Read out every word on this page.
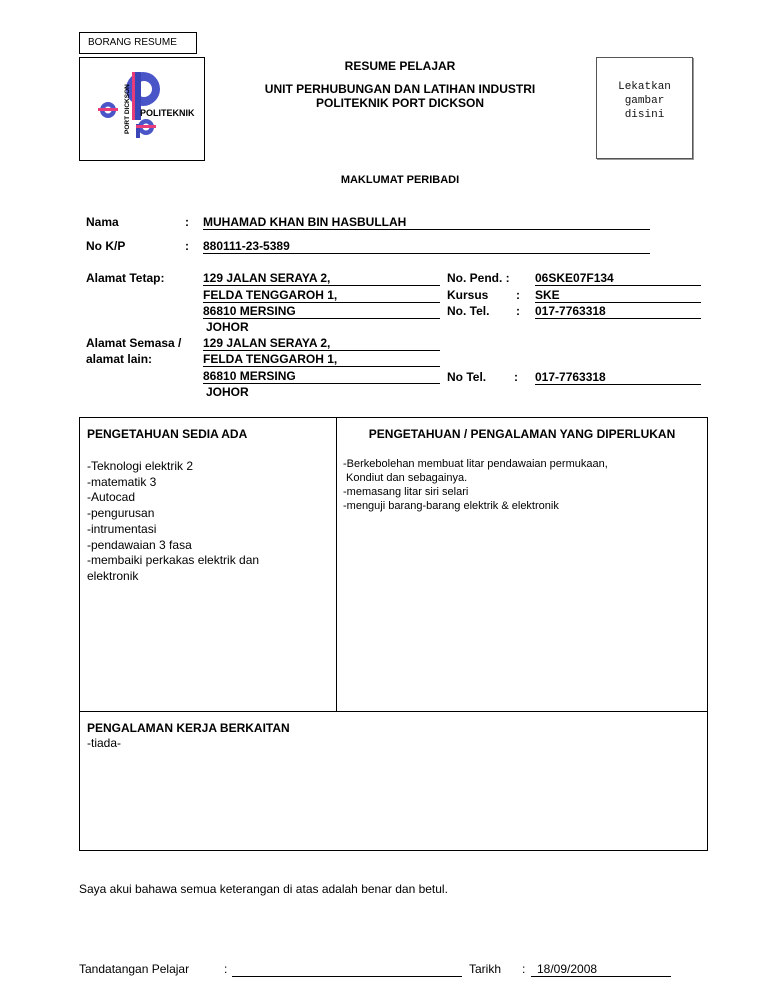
BORANG RESUME
PORT DICKSON POLITEKNIK
Lekatkan
gambar
disini
RESUME PELAJAR
UNIT PERHUBUNGAN DAN LATIHAN INDUSTRI
POLITEKNIK PORT DICKSON
MAKLUMAT PERIBADI
Nama	: MUHAMAD KHAN BIN HASBULLAH
No K/P	: 880111-23-5389
Alamat Tetap:	129 JALAN SERAYA 2,
FELDA TENGGAROH 1,
86810 MERSING
JOHOR
No. Pend. : 06SKE07F134
Kursus : SKE
No. Tel. : 017-7763318
Alamat Semasa /
alamat lain:
129 JALAN SERAYA 2,
FELDA TENGGAROH 1,
86810 MERSING
JOHOR
No Tel. : 017-7763318
PENGETAHUAN SEDIA ADA
-Teknologi elektrik 2
-matematik 3
-Autocad
-pengurusan
-intrumentasi
-pendawaian 3 fasa
-membaiki perkakas elektrik dan
elektronik
PENGETAHUAN / PENGALAMAN YANG DIPERLUKAN
-Berkebolehan membuat litar pendawaian permukaan,
Kondiut dan sebagainya.
-memasang litar siri selari
-menguji barang-barang elektrik & elektronik
PENGALAMAN KERJA BERKAITAN
-tiada-
Saya akui bahawa semua keterangan di atas adalah benar dan betul.
Tandatangan Pelajar	:	Tarikh : 18/09/2008
